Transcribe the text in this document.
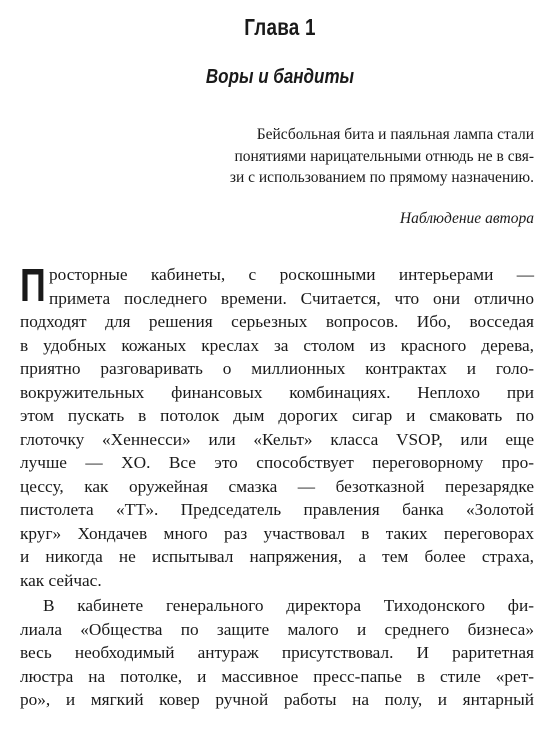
Глава 1
Воры и бандиты
Бейсбольная бита и паяльная лампа стали
понятиями нарицательными отнюдь не в свя-
зи с использованием по прямому назначению.
Наблюдение автора
П росторные кабинеты, с роскошными интерьерами —
примета последнего времени. Считается, что они отлично
подходят для решения серьезных вопросов. Ибо, восседая
в удобных кожаных креслах за столом из красного дерева,
приятно разговаривать о миллионных контрактах и голо-
вокружительных финансовых комбинациях. Неплохо при
этом пускать в потолок дым дорогих сигар и смаковать по
глоточку «Хеннесси» или «Кельт» класса VSOP, или еще
лучше — XO. Все это способствует переговорному про-
цессу, как оружейная смазка — безотказной перезарядке
пистолета «ТТ». Председатель правления банка «Золотой
круг» Хондачев много раз участвовал в таких переговорах
и никогда не испытывал напряжения, а тем более страха,
как сейчас.
В кабинете генерального директора Тиходонского фи-
лиала «Общества по защите малого и среднего бизнеса»
весь необходимый антураж присутствовал. И раритетная
люстра на потолке, и массивное пресс-папье в стиле «рет-
ро», и мягкий ковер ручной работы на полу, и янтарный
